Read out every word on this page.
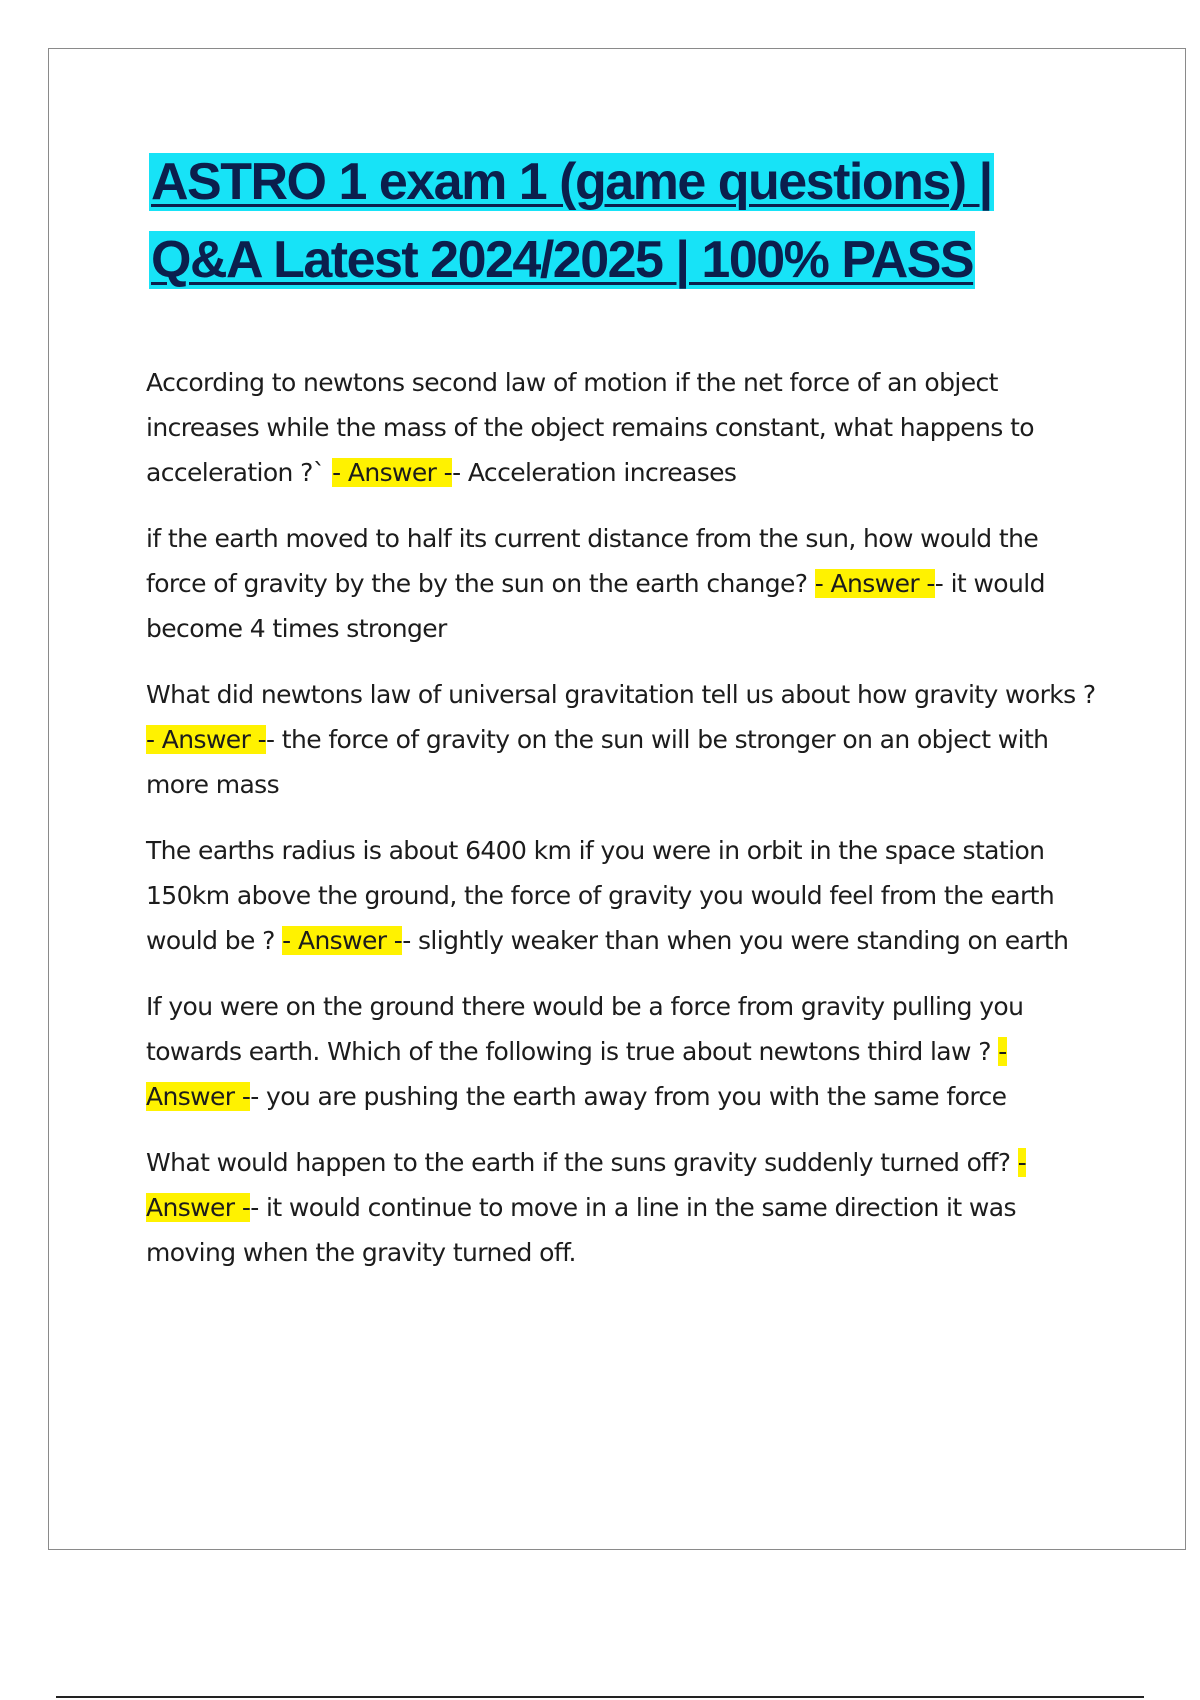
ASTRO 1 exam 1 (game questions) |
Q&A Latest 2024/2025 | 100% PASS

According to newtons second law of motion if the net force of an object increases while the mass of the object remains constant, what happens to acceleration ?` - Answer -- Acceleration increases

if the earth moved to half its current distance from the sun, how would the force of gravity by the by the sun on the earth change? - Answer -- it would become 4 times stronger

What did newtons law of universal gravitation tell us about how gravity works ? - Answer -- the force of gravity on the sun will be stronger on an object with more mass

The earths radius is about 6400 km if you were in orbit in the space station 150km above the ground, the force of gravity you would feel from the earth would be ? - Answer -- slightly weaker than when you were standing on earth

If you were on the ground there would be a force from gravity pulling you towards earth. Which of the following is true about newtons third law ? - Answer -- you are pushing the earth away from you with the same force

What would happen to the earth if the suns gravity suddenly turned off? - Answer -- it would continue to move in a line in the same direction it was moving when the gravity turned off.
